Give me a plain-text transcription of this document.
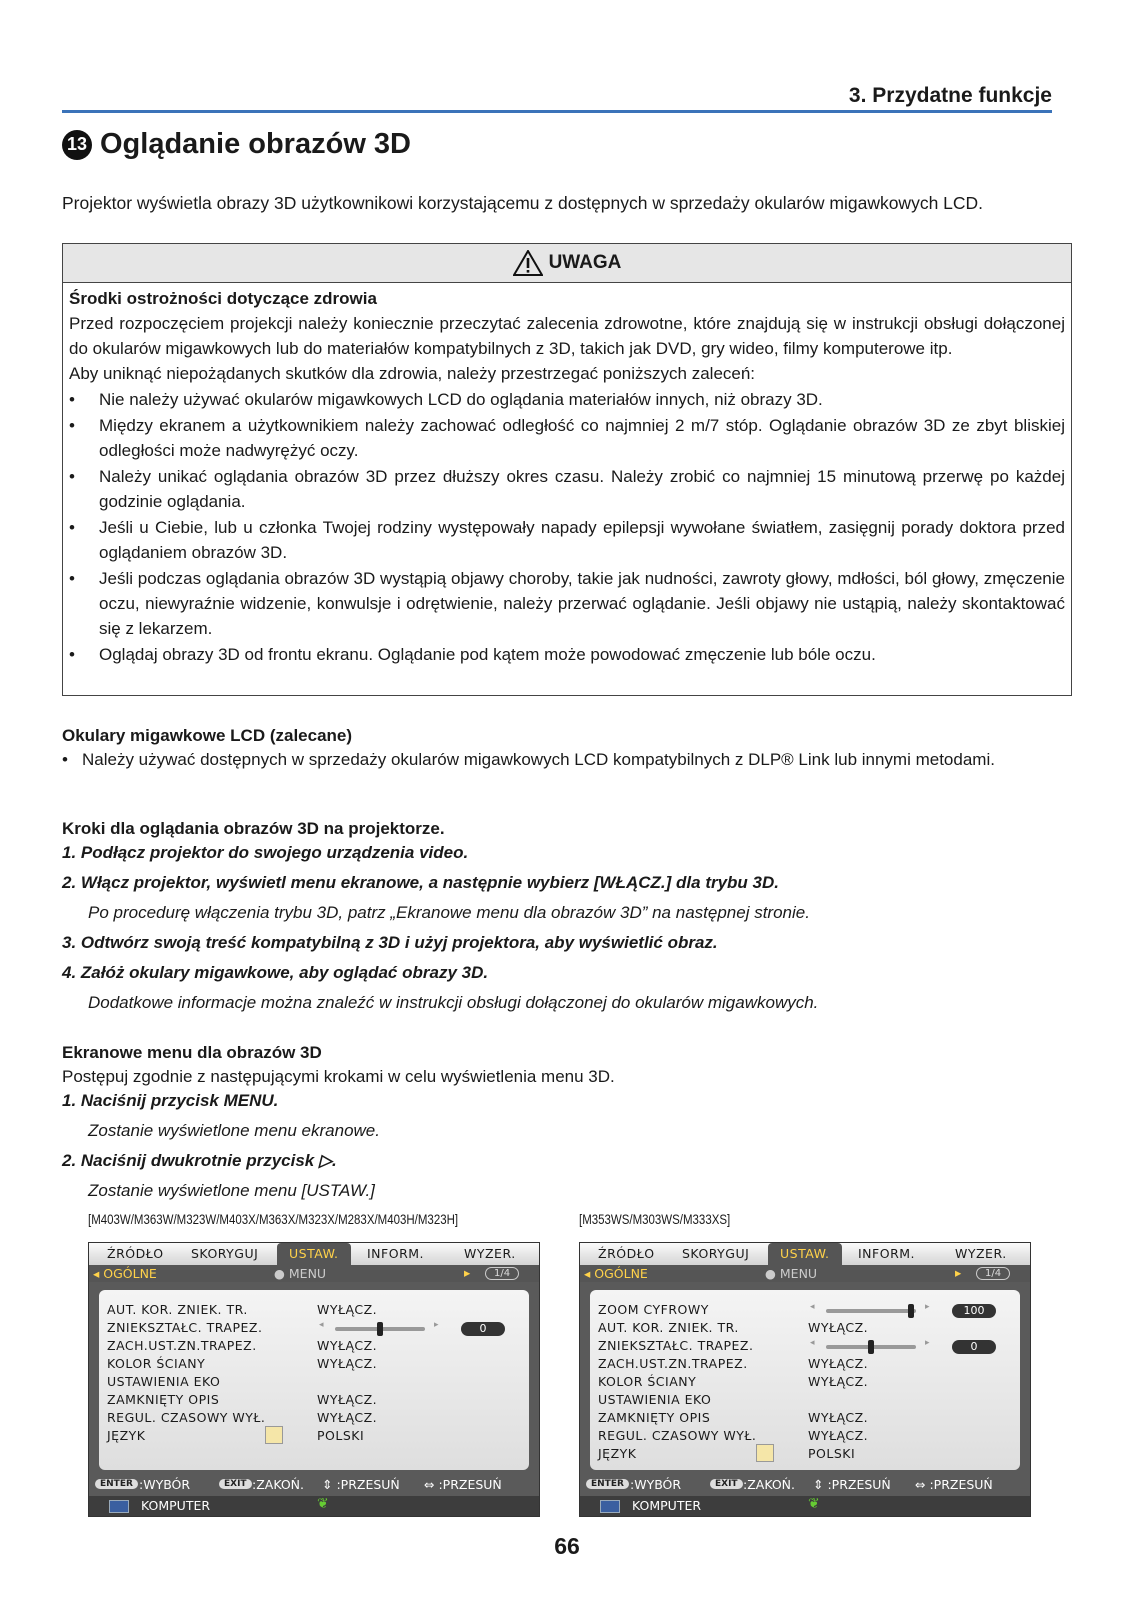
3. Przydatne funkcje
13 Oglądanie obrazów 3D
Projektor wyświetla obrazy 3D użytkownikowi korzystającemu z dostępnych w sprzedaży okularów migawkowych LCD.
UWAGA
Środki ostrożności dotyczące zdrowia

Przed rozpoczęciem projekcji należy koniecznie przeczytać zalecenia zdrowotne, które znajdują się w instrukcji obsługi dołączonej do okularów migawkowych lub do materiałów kompatybilnych z 3D, takich jak DVD, gry wideo, filmy komputerowe itp.

Aby uniknąć niepożądanych skutków dla zdrowia, należy przestrzegać poniższych zaleceń:

• Nie należy używać okularów migawkowych LCD do oglądania materiałów innych, niż obrazy 3D.
• Między ekranem a użytkownikiem należy zachować odległość co najmniej 2 m/7 stóp. Oglądanie obrazów 3D ze zbyt bliskiej odległości może nadwyrężyć oczy.
• Należy unikać oglądania obrazów 3D przez dłuższy okres czasu. Należy zrobić co najmniej 15 minutową przerwę po każdej godzinie oglądania.
• Jeśli u Ciebie, lub u członka Twojej rodziny występowały napady epilepsji wywołane światłem, zasięgnij porady doktora przed oglądaniem obrazów 3D.
• Jeśli podczas oglądania obrazów 3D wystąpią objawy choroby, takie jak nudności, zawroty głowy, mdłości, ból głowy, zmęczenie oczu, niewyraźnie widzenie, konwulsje i odrętwienie, należy przerwać oglądanie. Jeśli objawy nie ustąpią, należy skontaktować się z lekarzem.
• Oglądaj obrazy 3D od frontu ekranu. Oglądanie pod kątem może powodować zmęczenie lub bóle oczu.
Okulary migawkowe LCD (zalecane)
• Należy używać dostępnych w sprzedaży okularów migawkowych LCD kompatybilnych z DLP® Link lub innymi metodami.
Kroki dla oglądania obrazów 3D na projektorze.
1. Podłącz projektor do swojego urządzenia video.
2. Włącz projektor, wyświetl menu ekranowe, a następnie wybierz [WŁĄCZ.] dla trybu 3D.
Po procedurę włączenia trybu 3D, patrz „Ekranowe menu dla obrazów 3D” na następnej stronie.
3. Odtwórz swoją treść kompatybilną z 3D i użyj projektora, aby wyświetlić obraz.
4. Załóż okulary migawkowe, aby oglądać obrazy 3D.
Dodatkowe informacje można znaleźć w instrukcji obsługi dołączonej do okularów migawkowych.
Ekranowe menu dla obrazów 3D
Postępuj zgodnie z następującymi krokami w celu wyświetlenia menu 3D.
1. Naciśnij przycisk MENU.
Zostanie wyświetlone menu ekranowe.
2. Naciśnij dwukrotnie przycisk ▷.
Zostanie wyświetlone menu [USTAW.]
[M403W/M363W/M323W/M403X/M363X/M323X/M283X/M403H/M323H]	[M353WS/M303WS/M333XS]
ŹRÓDŁO SKORYGUJ	USTAW.	INFORM.	WYZER.
◂ OGÓLNE	● MENU	▸	1/4
AUT. KOR. ZNIEK. TR.	WYŁĄCZ.
ZNIEKSZTAŁC. TRAPEZ.	◂	▸	0
ZACH.UST.ZN.TRAPEZ.	WYŁĄCZ.
KOLOR ŚCIANY	WYŁĄCZ.
USTAWIENIA EKO
ZAMKNIĘTY OPIS	WYŁĄCZ.
REGUL. CZASOWY WYŁ.	WYŁĄCZ.
JĘZYK	POLSKI
ENTER :WYBÓR	EXIT :ZAKOŃ. ⇕ :PRZESUŃ ⇔ :PRZESUŃ
KOMPUTER	❦
ŹRÓDŁO SKORYGUJ	USTAW.	INFORM.	WYZER.
◂ OGÓLNE	● MENU	▸	1/4
ZOOM CYFROWY	◂	▸	100
AUT. KOR. ZNIEK. TR.	WYŁĄCZ.
ZNIEKSZTAŁC. TRAPEZ.	◂	▸	0
ZACH.UST.ZN.TRAPEZ.	WYŁĄCZ.
KOLOR ŚCIANY	WYŁĄCZ.
USTAWIENIA EKO
ZAMKNIĘTY OPIS	WYŁĄCZ.
REGUL. CZASOWY WYŁ.	WYŁĄCZ.
JĘZYK	POLSKI
ENTER :WYBÓR	EXIT :ZAKOŃ. ⇕ :PRZESUŃ ⇔ :PRZESUŃ
KOMPUTER	❦
66
